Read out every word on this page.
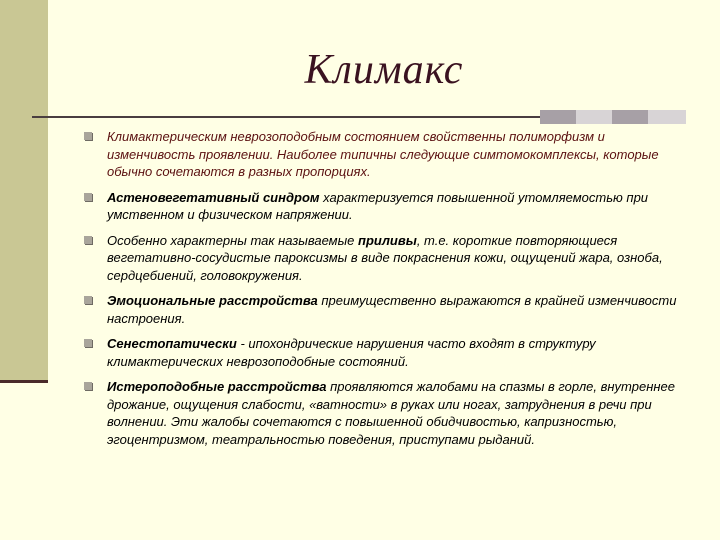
Климакс
Климактерическим неврозоподобным состоянием свойственны полиморфизм и изменчивость проявлении. Наиболее типичны следующие симтомокомплексы, которые обычно сочетаются в разных пропорциях.
Астеновегетативный синдром характеризуется повышенной утомляемостью при умственном и физическом напряжении.
Особенно характерны так называемые приливы, т.е. короткие повторяющиеся вегетативно-сосудистые пароксизмы в виде покраснения кожи, ощущений жара, озноба, сердцебиений, головокружения.
Эмоциональные расстройства преимущественно выражаются в крайней изменчивости настроения.
Сенестопатически - ипохондрические нарушения часто входят в структуру климактерических неврозоподобные состояний.
Истероподобные расстройства проявляются жалобами на спазмы в горле, внутреннее дрожание, ощущения слабости, «ватности» в руках или ногах, затруднения в речи при волнении. Эти жалобы сочетаются с повышенной обидчивостью, капризностью, эгоцентризмом, театральностью поведения, приступами рыданий.
